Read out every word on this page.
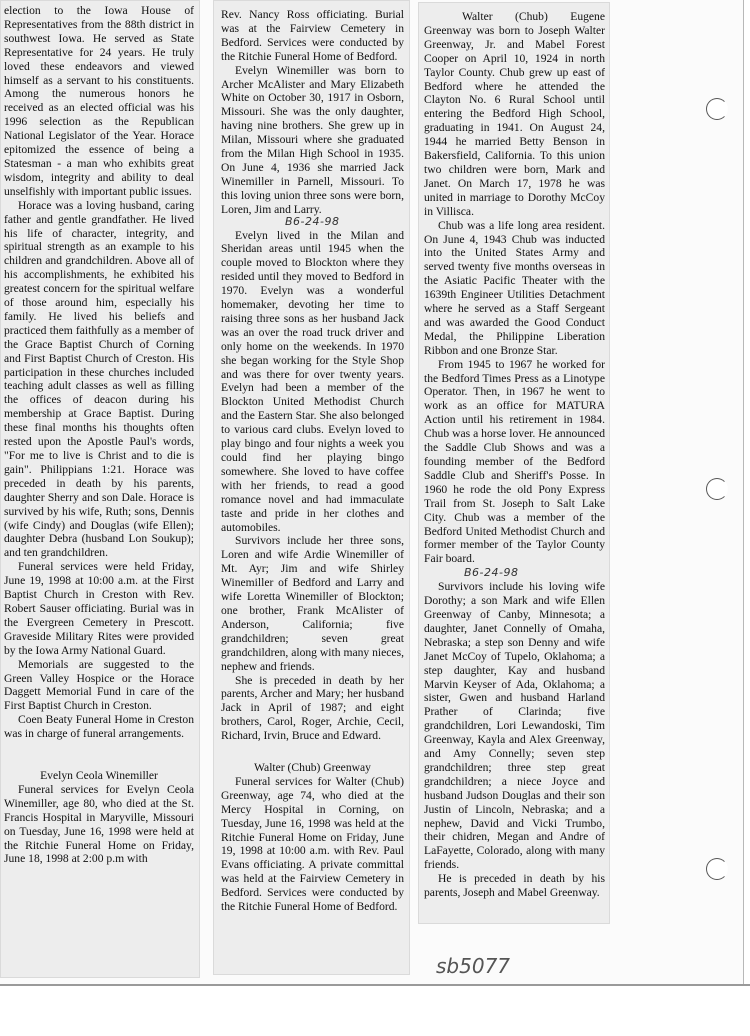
election to the Iowa House of Representatives from the 88th district in southwest Iowa. He served as State Representative for 24 years. He truly loved these endeavors and viewed himself as a servant to his constituents. Among the numerous honors he received as an elected official was his 1996 selection as the Republican National Legislator of the Year. Horace epitomized the essence of being a Statesman - a man who exhibits great wisdom, integrity and ability to deal unselfishly with important public issues.

Horace was a loving husband, caring father and gentle grandfather. He lived his life of character, integrity, and spiritual strength as an example to his children and grandchildren. Above all of his accomplishments, he exhibited his greatest concern for the spiritual welfare of those around him, especially his family. He lived his beliefs and practiced them faithfully as a member of the Grace Baptist Church of Corning and First Baptist Church of Creston. His participation in these churches included teaching adult classes as well as filling the offices of deacon during his membership at Grace Baptist. During these final months his thoughts often rested upon the Apostle Paul's words, "For me to live is Christ and to die is gain". Philippians 1:21. Horace was preceded in death by his parents, daughter Sherry and son Dale. Horace is survived by his wife, Ruth; sons, Dennis (wife Cindy) and Douglas (wife Ellen); daughter Debra (husband Lon Soukup); and ten grandchildren.

Funeral services were held Friday, June 19, 1998 at 10:00 a.m. at the First Baptist Church in Creston with Rev. Robert Sauser officiating. Burial was in the Evergreen Cemetery in Prescott. Graveside Military Rites were provided by the Iowa Army National Guard.

Memorials are suggested to the Green Valley Hospice or the Horace Daggett Memorial Fund in care of the First Baptist Church in Creston.

Coen Beaty Funeral Home in Creston was in charge of funeral arrangements.

Evelyn Ceola Winemiller

Funeral services for Evelyn Ceola Winemiller, age 80, who died at the St. Francis Hospital in Maryville, Missouri on Tuesday, June 16, 1998 were held at the Ritchie Funeral Home on Friday, June 18, 1998 at 2:00 p.m with

Rev. Nancy Ross officiating. Burial was at the Fairview Cemetery in Bedford. Services were conducted by the Ritchie Funeral Home of Bedford.

Evelyn Winemiller was born to Archer McAlister and Mary Elizabeth White on October 30, 1917 in Osborn, Missouri. She was the only daughter, having nine brothers. She grew up in Milan, Missouri where she graduated from the Milan High School in 1935. On June 4, 1936 she married Jack Winemiller in Parnell, Missouri. To this loving union three sons were born, Loren, Jim and Larry.

B6-24-98

Evelyn lived in the Milan and Sheridan areas until 1945 when the couple moved to Blockton where they resided until they moved to Bedford in 1970. Evelyn was a wonderful homemaker, devoting her time to raising three sons as her husband Jack was an over the road truck driver and only home on the weekends. In 1970 she began working for the Style Shop and was there for over twenty years. Evelyn had been a member of the Blockton United Methodist Church and the Eastern Star. She also belonged to various card clubs. Evelyn loved to play bingo and four nights a week you could find her playing bingo somewhere. She loved to have coffee with her friends, to read a good romance novel and had immaculate taste and pride in her clothes and automobiles.

Survivors include her three sons, Loren and wife Ardie Winemiller of Mt. Ayr; Jim and wife Shirley Winemiller of Bedford and Larry and wife Loretta Winemiller of Blockton; one brother, Frank McAlister of Anderson, California; five grandchildren; seven great grandchildren, along with many nieces, nephew and friends.

She is preceded in death by her parents, Archer and Mary; her husband Jack in April of 1987; and eight brothers, Carol, Roger, Archie, Cecil, Richard, Irvin, Bruce and Edward.

Walter (Chub) Greenway

Funeral services for Walter (Chub) Greenway, age 74, who died at the Mercy Hospital in Corning, on Tuesday, June 16, 1998 was held at the Ritchie Funeral Home on Friday, June 19, 1998 at 10:00 a.m. with Rev. Paul Evans officiating. A private committal was held at the Fairview Cemetery in Bedford. Services were conducted by the Ritchie Funeral Home of Bedford.

Walter (Chub) Eugene Greenway was born to Joseph Walter Greenway, Jr. and Mabel Forest Cooper on April 10, 1924 in north Taylor County. Chub grew up east of Bedford where he attended the Clayton No. 6 Rural School until entering the Bedford High School, graduating in 1941. On August 24, 1944 he married Betty Benson in Bakersfield, California. To this union two children were born, Mark and Janet. On March 17, 1978 he was united in marriage to Dorothy McCoy in Villisca.

Chub was a life long area resident. On June 4, 1943 Chub was inducted into the United States Army and served twenty five months overseas in the Asiatic Pacific Theater with the 1639th Engineer Utilities Detachment where he served as a Staff Sergeant and was awarded the Good Conduct Medal, the Philippine Liberation Ribbon and one Bronze Star.

From 1945 to 1967 he worked for the Bedford Times Press as a Linotype Operator. Then, in 1967 he went to work as an office for MATURA Action until his retirement in 1984. Chub was a horse lover. He announced the Saddle Club Shows and was a founding member of the Bedford Saddle Club and Sheriff's Posse. In 1960 he rode the old Pony Express Trail from St. Joseph to Salt Lake City. Chub was a member of the Bedford United Methodist Church and former member of the Taylor County Fair board.

B6-24-98

Survivors include his loving wife Dorothy; a son Mark and wife Ellen Greenway of Canby, Minnesota; a daughter, Janet Connelly of Omaha, Nebraska; a step son Denny and wife Janet McCoy of Tupelo, Oklahoma; a step daughter, Kay and husband Marvin Keyser of Ada, Oklahoma; a sister, Gwen and husband Harland Prather of Clarinda; five grandchildren, Lori Lewandoski, Tim Greenway, Kayla and Alex Greenway, and Amy Connelly; seven step grandchildren; three step great grandchildren; a niece Joyce and husband Judson Douglas and their son Justin of Lincoln, Nebraska; and a nephew, David and Vicki Trumbo, their chidren, Megan and Andre of LaFayette, Colorado, along with many friends.

He is preceded in death by his parents, Joseph and Mabel Greenway.

sb5077
